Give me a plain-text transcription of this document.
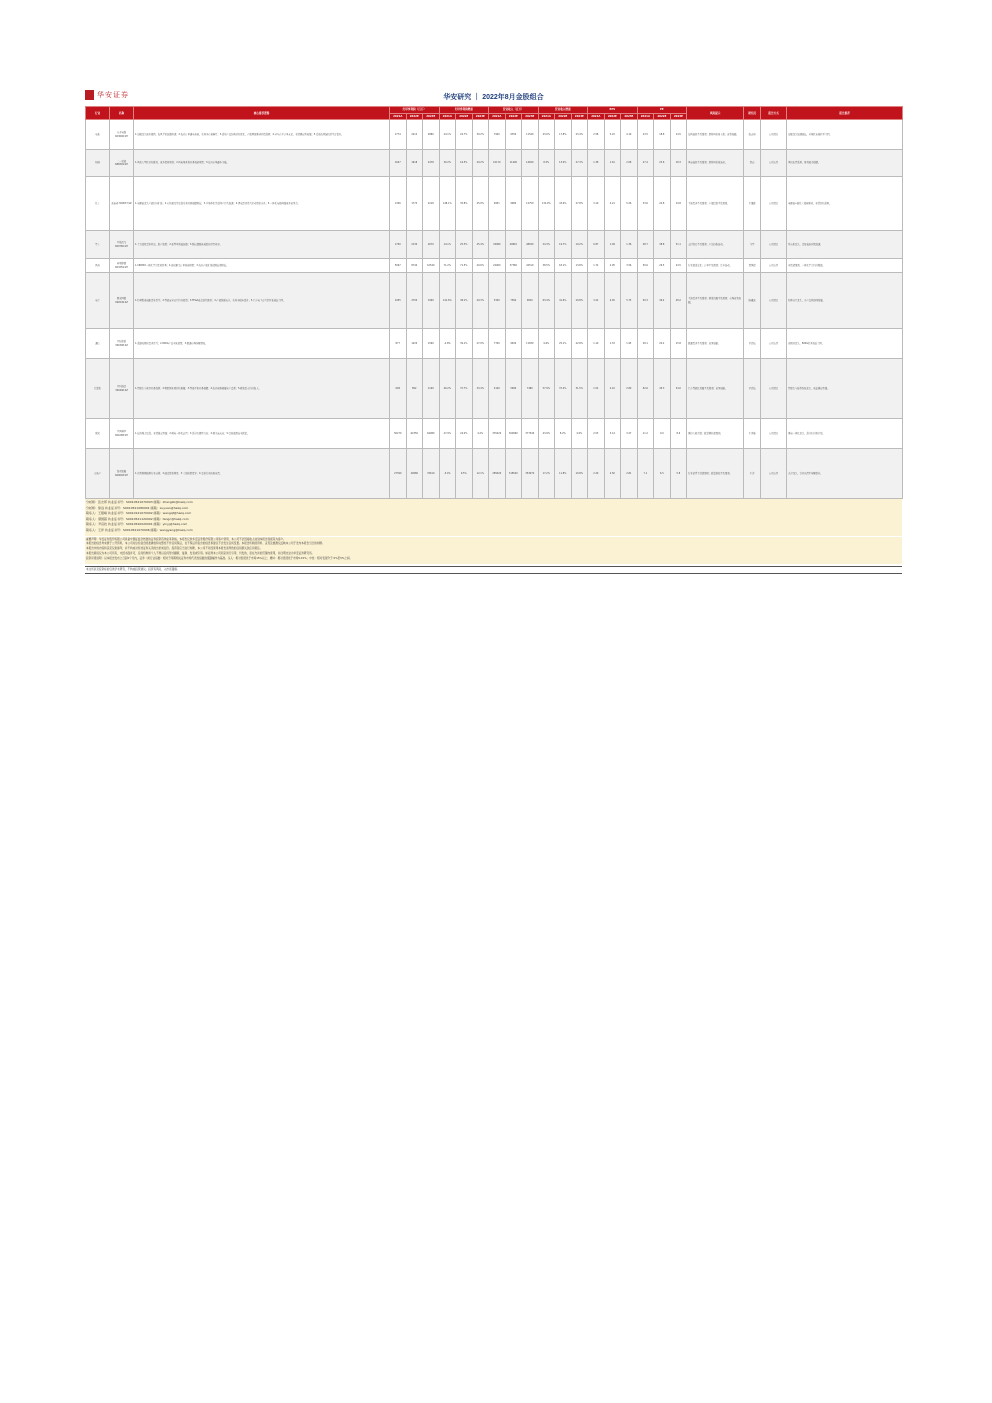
华安证券	华安研究 ｜ 2022年8月金股组合
行业	名称	核心推荐逻辑	归母净利润（百万）			归母净利润增速			营业收入（百万）			营业收入增速			EPS			PE			风险提示	研究员	报告方式	报告推荐
			2021A	2022E	2023E	2021A	2022E	2023E	2021A	2022E	2023E	2021A	2022E	2023E	2021A	2022E	2023E	2021A	2022E	2023E				
电新	东方电缆 603606.SH	1.海缆龙头地位稳固，海风平价加速渗透；2.海外订单逐步落地，毛利率有望修复；3.高压产品结构持续优化，产能释放驱动业绩高增；4.全年在手订单充足，业绩确定性较强；5.受益海风装机景气度提升。	1774	2212	2880	24.1%	24.7%	30.2%	7940	9350	11540	43.0%	17.8%	23.4%	2.58	3.22	4.19	23.5	18.8	14.5	海风装机不及预期；原材料价格上涨；竞争加剧。	张志邦	公司深度	海缆龙头加速成长，全球化布局打开空间。
机械	三一重能 688349.SH	1.风机大型化持续推进，成本优势明显；2.风电场开发业务贡献增量；3.海外市场逐步突破。	1647	1918	2478	30.2%	16.5%	29.2%	10170	11490	14620	8.5%	13.0%	27.3%	1.38	1.61	2.08	27.4	23.6	18.3	风电装机不及预期；原材料价格波动。	徐远	公司点评	风机出货高增，盈利能力稳健。
化工	新宙邦 300037.SZ	1.电解液龙头产能持续扩张；2.有机氟化学品高毛利业务稳健增长；3.半导体化学品国产替代加速；4.锂电需求景气带动量价齐升；5.一体化布局增强成本竞争力。	1306	1774	2218	148.1%	35.8%	25.0%	6951	9980	12750	132.9%	43.6%	27.8%	3.10	4.21	5.26	33.6	24.8	19.8	下游需求不及预期；产能投放不及预期。	王强峰	公司深度	电解液+氟化工双轮驱动，业绩持续高增。
军工	中航沈飞 600760.SH	1.主力战机需求旺盛，批产放量；2.新型号列装加速；3.股权激励落地提升经营效率。	1700	2130	2670	14.1%	25.3%	25.4%	34080	40810	48630	24.3%	19.7%	19.2%	0.87	1.09	1.36	48.7	38.8	31.1	交付进度不及预期；产品价格波动。	马军	公司深度	歼击机龙头，受益装备升级加速。
医药	药明康德 603259.SH	1.CRDMO一体化平台优势显著；2.新冠相关订单贡献增量；3.海外产能扩张保障长期增长。	5097	8740	10540	71.2%	71.5%	20.6%	22900	37360	42510	38.5%	63.1%	13.8%	1.72	2.95	3.56	50.6	29.5	24.5	行业政策变化；订单不及预期；汇率波动。	谭国超	公司点评	业绩超预期，一体化平台持续赋能。
电子	紫光国微 002049.SZ	1.特种集成电路需求景气；2.智能安全芯片持续放量；3.FPGA新品迭代推进；4.产能保障充分，毛利率稳步提升；5.汽车电子芯片打开新成长空间。	1955	2700	3490	141.6%	38.1%	29.3%	5340	7560	9810	63.4%	41.6%	29.8%	3.22	4.45	5.75	50.3	36.4	28.2	下游需求不及预期；研发进展不及预期；市场竞争加剧。	陈耀波	公司深度	特种芯片龙头，多产品线协同发展。
通信	中际旭创 300308.SZ	1.高速光模块需求景气；2.800G产品率先放量；3.数通市场份额领先。	877	1220	1560	-2.8%	39.1%	27.9%	7700	9630	11830	9.6%	25.1%	22.8%	1.10	1.53	1.95	28.1	20.2	15.8	数通需求不及预期；竞争加剧。	尹沿技	公司点评	光模块龙头，800G打开成长空间。
计算机	中科创达 300496.SZ	1.智能汽车软件业务高增；2.物联网业务持续拓展；3.智能手机业务稳健；4.海外收购拓展客户资源；5.研发投入持续加大。	648	892	1190	46.2%	37.7%	33.4%	4140	5690	7480	57.9%	37.4%	31.5%	1.52	2.10	2.80	62.6	45.3	34.0	汽车智能化进展不及预期；竞争加剧。	尹沿技	公司深度	智能汽车操作系统龙头，成长确定性强。
煤炭	中国神华 601088.SH	1.长协煤占比高，业绩稳定性强；2.煤电一体化运营；3.高分红属性突出；4.现金流充沛；5.受益能源安全政策。	50270	62350	64980	27.9%	24.0%	4.2%	335220	362860	377540	43.9%	8.2%	4.0%	2.53	3.14	3.27	11.2	9.0	8.6	煤价大幅下跌；政策调控超预期。	王承瑜	公司深度	煤电一体化龙头，高分红价值凸显。
房地产	保利发展 600048.SH	1.销售规模稳居行业前列；2.融资优势明显；3.土储质量优异；4.受益行业格局出清。	27390	29980	33610	-5.4%	9.5%	12.1%	285020	318540	353070	17.2%	11.8%	10.8%	2.29	2.50	2.81	7.1	6.5	5.8	行业销售下滑超预期；政策放松不及预期。	王洋	公司点评	央企龙头，行业出清中份额提升。
分析师：张志邦 执业证书号：S0010521070003 邮箱：zhangzb@hazq.com
分析师：徐远 执业证书号：S0010521080001 邮箱：xuyuan@hazq.com
联系人：王强峰 执业证书号：S0010121070002 邮箱：wangqf@hazq.com
联系人：谭国超 执业证书号：S0010521120002 邮箱：tangc@hazq.com
联系人：尹沿技 执业证书号：S0010520020001 邮箱：yinyj@hazq.com
联系人：王洋 执业证书号：S0010521070006 邮箱：wangyang@hazq.com
重要声明：华安证券股份有限公司具备中国证监会核准的证券投资咨询业务资格。本报告仅供华安证券股份有限公司客户使用，本公司不会因接收人收到本报告而视其为客户。
本报告的信息均来源于公开资料，本公司对这些信息的准确性和完整性不作任何保证，也不保证所包含的信息和建议不会发生任何变更。本报告所载的资料、意见及推测仅反映本公司于发布本报告当日的判断。
本报告中的内容和意见仅供参考，并不构成对所述证券买卖的出价或征价。投资者应当自行判断，本公司不对因使用本报告而导致的任何损失负任何责任。
本报告版权仅为本公司所有，未经书面许可，任何机构和个人不得以任何形式翻版、复制、发表或引用。如征得本公司同意进行引用、刊发的，需在允许的范围内使用，并注明出处为华安证券研究所。
投资评级说明：以本报告发布之日起6个月内，证券（或行业指数）相对于同期相关证券市场代表性指数的涨跌幅作为基准。买入：相对表现优于市场15%以上；增持：相对表现优于市场5-15%；中性：相对表现介于-5%至5%之间。
本文所涉及投资标的仅供学术研究，不构成投资建议。投资有风险，入市需谨慎。
